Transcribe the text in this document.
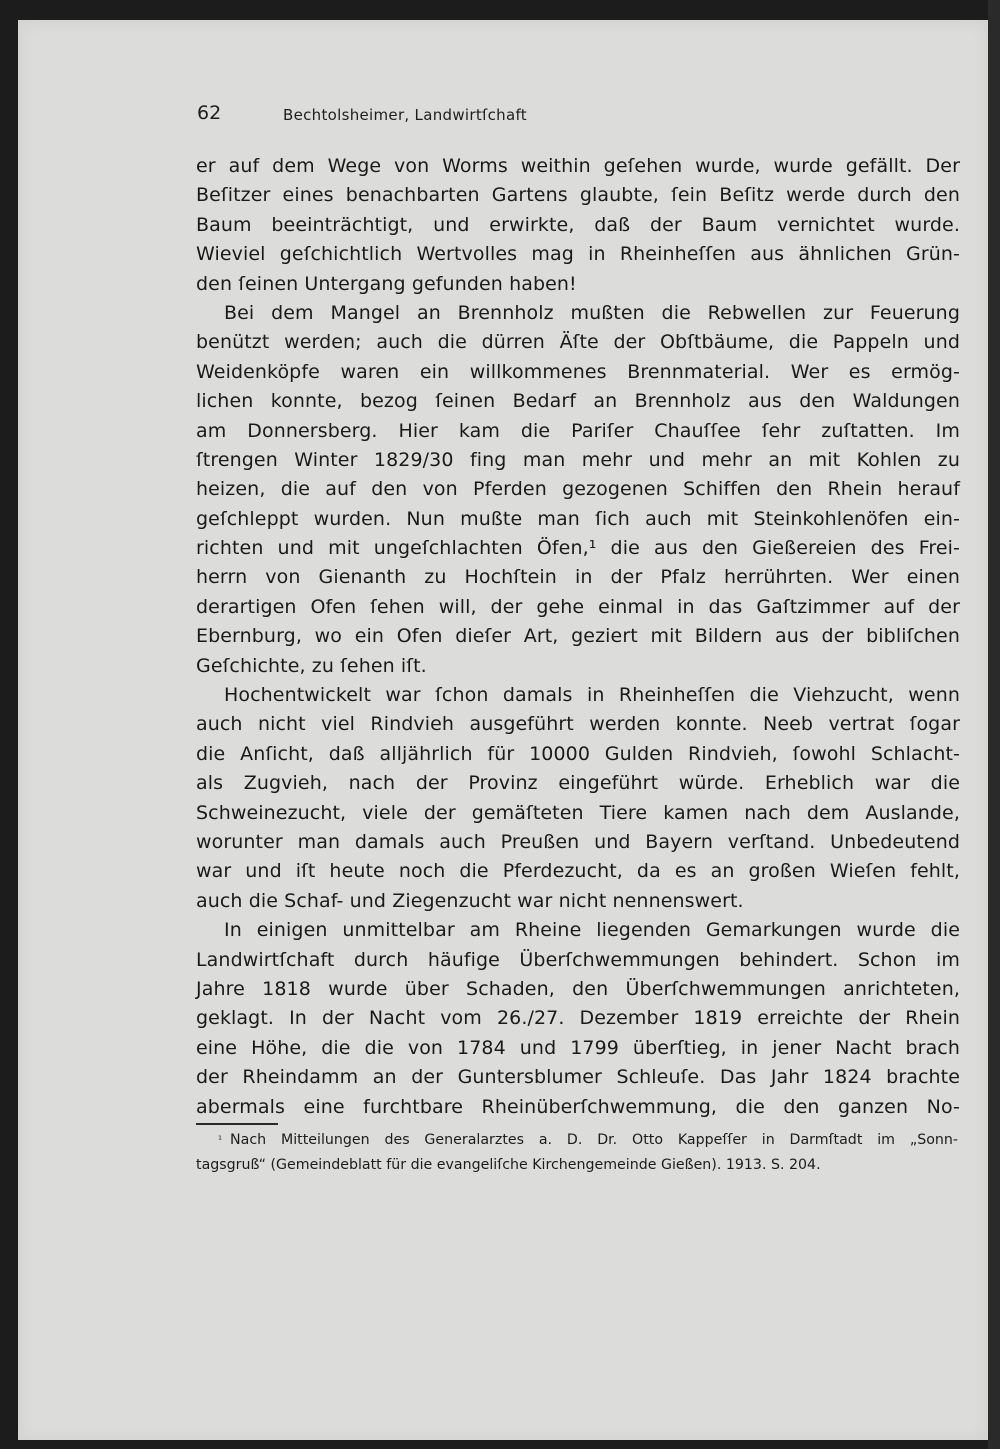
62	Bechtolsheimer, Landwirtſchaft
er auf dem Wege von Worms weithin geſehen wurde, wurde gefällt. Der
Beſitzer eines benachbarten Gartens glaubte, ſein Beſitz werde durch den
Baum beeinträchtigt, und erwirkte, daß der Baum vernichtet wurde.
Wieviel geſchichtlich Wertvolles mag in Rheinheſſen aus ähnlichen Grün-
den ſeinen Untergang gefunden haben!
Bei dem Mangel an Brennholz mußten die Rebwellen zur Feuerung
benützt werden; auch die dürren Äſte der Obſtbäume, die Pappeln und
Weidenköpfe waren ein willkommenes Brennmaterial. Wer es ermög-
lichen konnte, bezog ſeinen Bedarf an Brennholz aus den Waldungen
am Donnersberg. Hier kam die Pariſer Chauſſee ſehr zuſtatten. Im
ſtrengen Winter 1829/30 fing man mehr und mehr an mit Kohlen zu
heizen, die auf den von Pferden gezogenen Schiffen den Rhein herauf
geſchleppt wurden. Nun mußte man ſich auch mit Steinkohlenöfen ein-
richten und mit ungeſchlachten Öfen,¹ die aus den Gießereien des Frei-
herrn von Gienanth zu Hochſtein in der Pfalz herrührten. Wer einen
derartigen Ofen ſehen will, der gehe einmal in das Gaſtzimmer auf der
Ebernburg, wo ein Ofen dieſer Art, geziert mit Bildern aus der bibliſchen
Geſchichte, zu ſehen iſt.
Hochentwickelt war ſchon damals in Rheinheſſen die Viehzucht, wenn
auch nicht viel Rindvieh ausgeführt werden konnte. Neeb vertrat ſogar
die Anſicht, daß alljährlich für 10000 Gulden Rindvieh, ſowohl Schlacht-
als Zugvieh, nach der Provinz eingeführt würde. Erheblich war die
Schweinezucht, viele der gemäſteten Tiere kamen nach dem Auslande,
worunter man damals auch Preußen und Bayern verſtand. Unbedeutend
war und iſt heute noch die Pferdezucht, da es an großen Wieſen fehlt,
auch die Schaf- und Ziegenzucht war nicht nennenswert.
In einigen unmittelbar am Rheine liegenden Gemarkungen wurde die
Landwirtſchaft durch häufige Überſchwemmungen behindert. Schon im
Jahre 1818 wurde über Schaden, den Überſchwemmungen anrichteten,
geklagt. In der Nacht vom 26./27. Dezember 1819 erreichte der Rhein
eine Höhe, die die von 1784 und 1799 überſtieg, in jener Nacht brach
der Rheindamm an der Guntersblumer Schleuſe. Das Jahr 1824 brachte
abermals eine furchtbare Rheinüberſchwemmung, die den ganzen No-
$^{^1}$ Nach Mitteilungen des Generalarztes a. D. Dr. Otto Kappeſſer in Darmſtadt im „Sonn-
tagsgruß“ (Gemeindeblatt für die evangeliſche Kirchengemeinde Gießen). 1913. S. 204.
